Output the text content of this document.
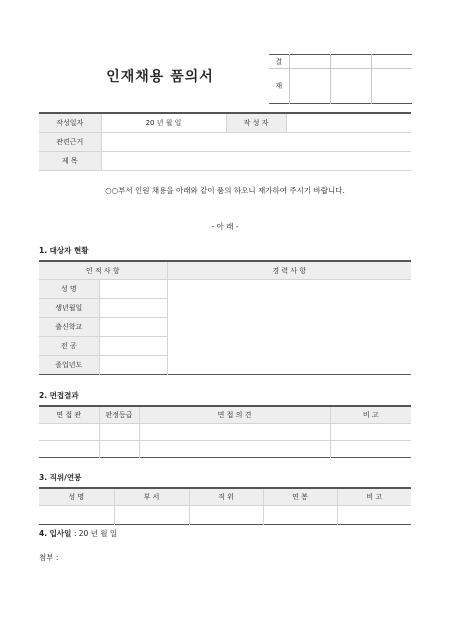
인재채용 품의서
결			
재			
작성일자	20 년 월 일	작 성 자	
관련근거			
제 목			
○○부서 인원 채용을 아래와 같이 품의 하오니 재가하여 주시기 바랍니다.
- 아 래 -
1. 대상자 현황
인 적 사 항		경 력 사 항
성 명		
생년월일		
출신학교		
전 공		
졸업년도		
2. 면접결과
면 접 관	판정등급	면 접 의 견	비 고

3. 직위/연봉
성 명	부 서	직 위	연 봉	비 고

4. 입사일 : 20 년 월 일
첨부 :
